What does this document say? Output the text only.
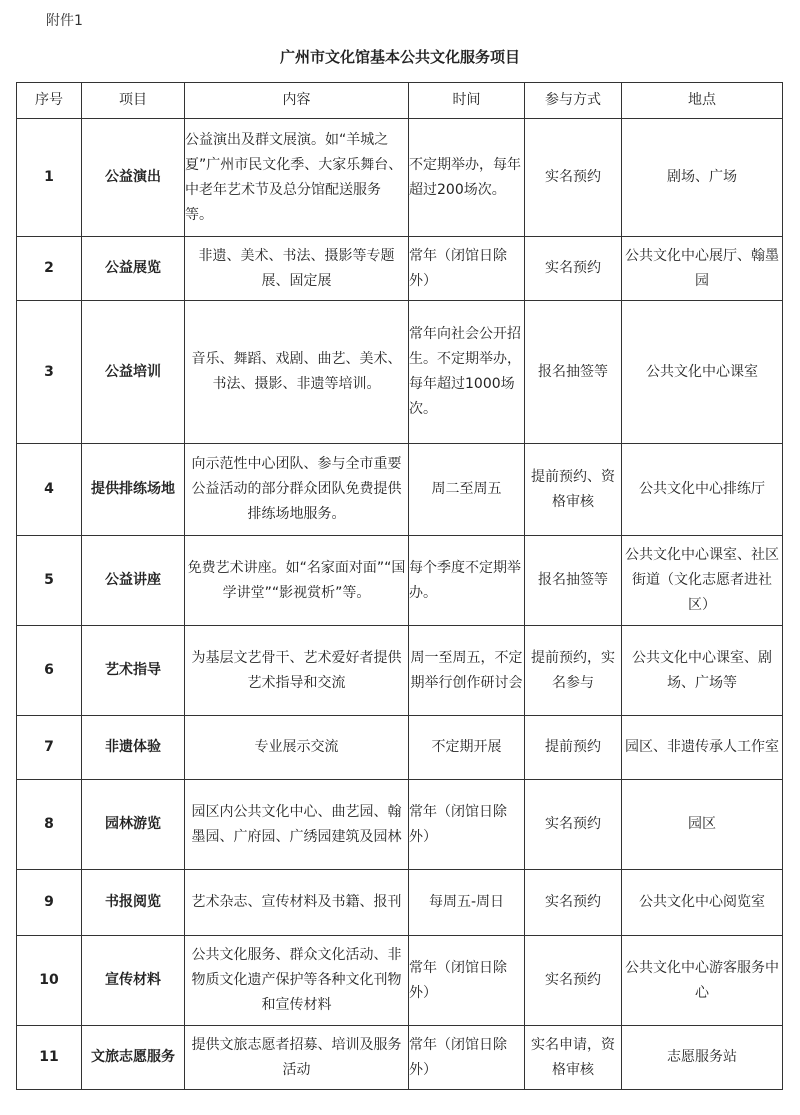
附件1
广州市文化馆基本公共文化服务项目
序号	项目	内容	时间	参与方式	地点
1	公益演出	公益演出及群文展演。如“羊城之夏”广州市民文化季、大家乐舞台、中老年艺术节及总分馆配送服务等。	不定期举办，每年超过200场次。	实名预约	剧场、广场
2	公益展览	非遗、美术、书法、摄影等专题展、固定展	常年（闭馆日除外）	实名预约	公共文化中心展厅、翰墨园
3	公益培训	音乐、舞蹈、戏剧、曲艺、美术、书法、摄影、非遗等培训。	常年向社会公开招生。不定期举办，每年超过1000场次。	报名抽签等	公共文化中心课室
4	提供排练场地	向示范性中心团队、参与全市重要公益活动的部分群众团队免费提供排练场地服务。	周二至周五	提前预约、资格审核	公共文化中心排练厅
5	公益讲座	免费艺术讲座。如“名家面对面”“国学讲堂”“影视赏析”等。	每个季度不定期举办。	报名抽签等	公共文化中心课室、社区街道（文化志愿者进社区）
6	艺术指导	为基层文艺骨干、艺术爱好者提供艺术指导和交流	周一至周五，不定期举行创作研讨会	提前预约，实名参与	公共文化中心课室、剧场、广场等
7	非遗体验	专业展示交流	不定期开展	提前预约	园区、非遗传承人工作室
8	园林游览	园区内公共文化中心、曲艺园、翰墨园、广府园、广绣园建筑及园林	常年（闭馆日除外）	实名预约	园区
9	书报阅览	艺术杂志、宣传材料及书籍、报刊	每周五-周日	实名预约	公共文化中心阅览室
10	宣传材料	公共文化服务、群众文化活动、非物质文化遗产保护等各种文化刊物和宣传材料	常年（闭馆日除外）	实名预约	公共文化中心游客服务中心
11	文旅志愿服务	提供文旅志愿者招募、培训及服务活动	常年（闭馆日除外）	实名申请，资格审核	志愿服务站
